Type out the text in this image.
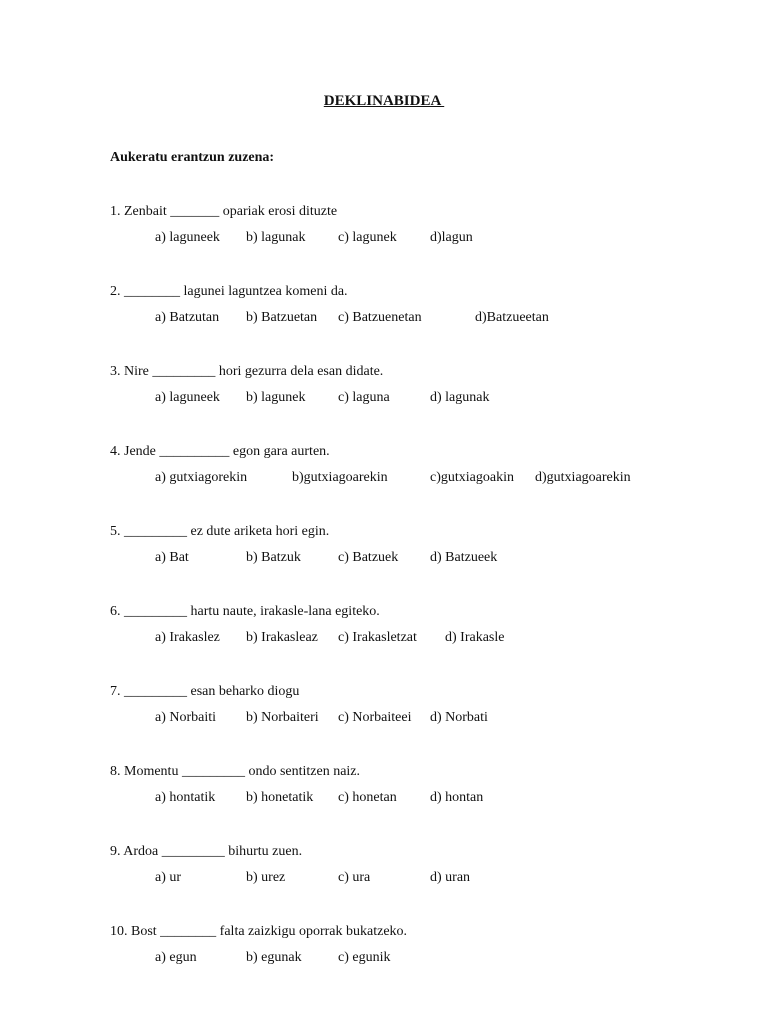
DEKLINABIDEA
Aukeratu erantzun zuzena:
1. Zenbait _______ opariak erosi dituzte
a) laguneek b) lagunak c) lagunek d)lagun
2. ________ lagunei laguntzea komeni da.
a) Batzutan b) Batzuetan c) Batzuenetan	d)Batzueetan
3. Nire _________ hori gezurra dela esan didate.
a) laguneek b) lagunek c) laguna	d) lagunak
4. Jende __________ egon gara aurten.
a) gutxiagorekin	b)gutxiagoarekin	c)gutxiagoakin d)gutxiagoarekin
5. _________ ez dute ariketa hori egin.
a) Bat	b) Batzuk	c) Batzuek d) Batzueek
6. _________ hartu naute, irakasle-lana egiteko.
a) Irakaslez b) Irakasleaz c) Irakasletzat d) Irakasle
7. _________ esan beharko diogu
a) Norbaiti b) Norbaiteri c) Norbaiteei d) Norbati
8. Momentu _________ ondo sentitzen naiz.
a) hontatik b) honetatik c) honetan d) hontan
9. Ardoa _________ bihurtu zuen.
a) ur	b) urez	c) ura	d) uran
10. Bost ________ falta zaizkigu oporrak bukatzeko.
a) egun	b) egunak	c) egunik
